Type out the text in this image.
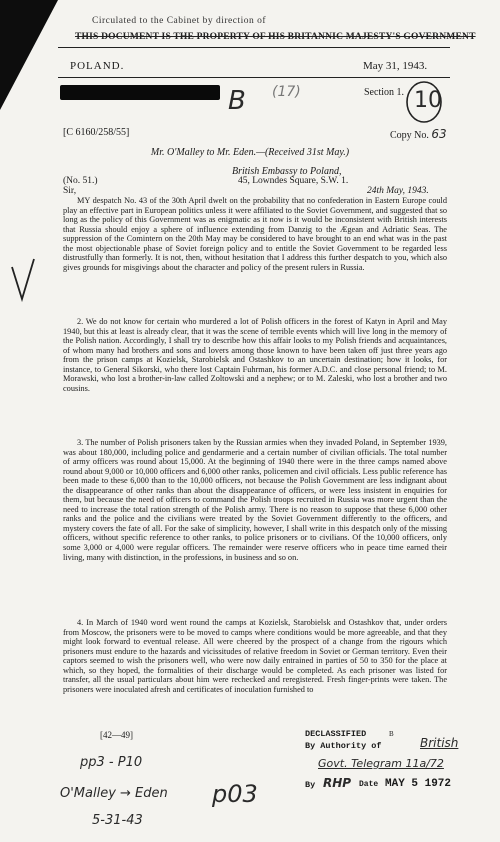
Circulated to the Cabinet by direction of
THIS DOCUMENT IS THE PROPERTY OF HIS BRITANNIC MAJESTY'S GOVERNMENT
POLAND.	May 31, 1943.
Section 1.
B (17)	10
[C 6160/258/55]	Copy No. 63
Mr. O'Malley to Mr. Eden.—(Received 31st May.)
British Embassy to Poland,
45, Lowndes Square, S.W. 1.
(No. 51.)
Sir,	24th May, 1943.

MY despatch No. 43 of the 30th April dwelt on the probability that no confederation in Eastern Europe could play an effective part in European politics unless it were affiliated to the Soviet Government, and suggested that so long as the policy of this Government was as enigmatic as it now is it would be inconsistent with British interests that Russia should enjoy a sphere of influence extending from Danzig to the Ægean and Adriatic Seas. The suppression of the Comintern on the 20th May may be considered to have brought to an end what was in the past the most objectionable phase of Soviet foreign policy and to entitle the Soviet Government to be regarded less distrustfully than formerly. It is not, then, without hesitation that I address this further despatch to you, which also gives grounds for misgivings about the character and policy of the present rulers in Russia.

2. We do not know for certain who murdered a lot of Polish officers in the forest of Katyn in April and May 1940, but this at least is already clear, that it was the scene of terrible events which will live long in the memory of the Polish nation. Accordingly, I shall try to describe how this affair looks to my Polish friends and acquaintances, of whom many had brothers and sons and lovers among those known to have been taken off just three years ago from the prison camps at Kozielsk, Starobielsk and Ostashkov to an uncertain destination; how it looks, for instance, to General Sikorski, who there lost Captain Fuhrman, his former A.D.C. and close personal friend; to M. Morawski, who lost a brother-in-law called Zoltowski and a nephew; or to M. Zaleski, who lost a brother and two cousins.

3. The number of Polish prisoners taken by the Russian armies when they invaded Poland, in September 1939, was about 180,000, including police and gendarmerie and a certain number of civilian officials. The total number of army officers was round about 15,000. At the beginning of 1940 there were in the three camps named above round about 9,000 or 10,000 officers and 6,000 other ranks, policemen and civil officials. Less public reference has been made to these 6,000 than to the 10,000 officers, not because the Polish Government are less indignant about the disappearance of other ranks than about the disappearance of officers, or were less insistent in enquiries for them, but because the need of officers to command the Polish troops recruited in Russia was more urgent than the need to increase the total ration strength of the Polish army. There is no reason to suppose that these 6,000 other ranks and the police and the civilians were treated by the Soviet Government differently to the officers, and mystery covers the fate of all. For the sake of simplicity, however, I shall write in this despatch only of the missing officers, without specific reference to other ranks, to police prisoners or to civilians. Of the 10,000 officers, only some 3,000 or 4,000 were regular officers. The remainder were reserve officers who in peace time earned their living, many with distinction, in the professions, in business and so on.

4. In March of 1940 word went round the camps at Kozielsk, Starobielsk and Ostashkov that, under orders from Moscow, the prisoners were to be moved to camps where conditions would be more agreeable, and that they might look forward to eventual release. All were cheered by the prospect of a change from the rigours which prisoners must endure to the hazards and vicissitudes of relative freedom in Soviet or German territory. Even their captors seemed to wish the prisoners well, who were now daily entrained in parties of 50 to 350 for the place at which, so they hoped, the formalities of their discharge would be completed. As each prisoner was listed for transfer, all the usual particulars about him were rechecked and reregistered. Fresh finger-prints were taken. The prisoners were inoculated afresh and certificates of inoculation furnished to

[42—49]	DECLASSIFIED	B
By Authority of	British
Govt. Telegram 11a/72
By RHP Date MAY 5 1972
pp3 - P10
O'Malley → Eden
5-31-43
p03
